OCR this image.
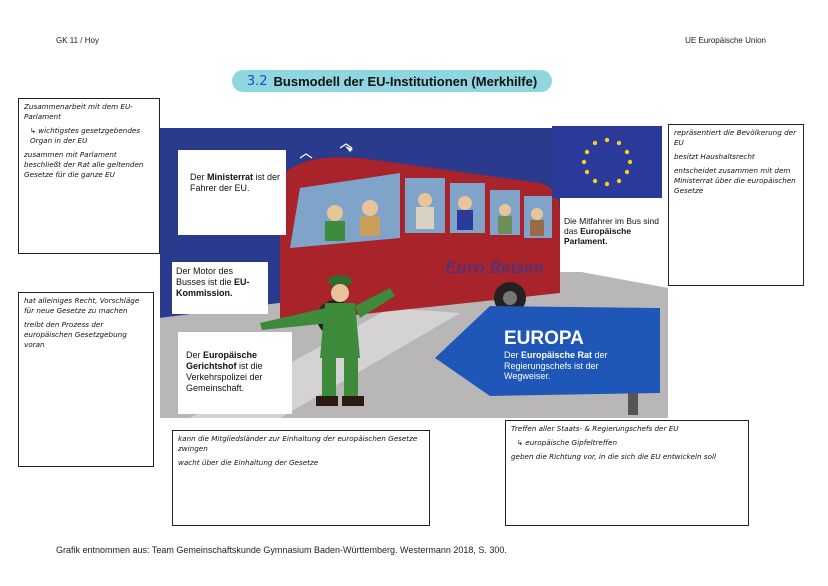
GK 11 / Hoy	UE Europäische Union
3.2 Busmodell der EU-Institutionen (Merkhilfe)
Euro Reisen
Der Ministerrat ist der Fahrer der EU.
Der Motor des Busses ist die EU-Kommission.
Der Europäische Gerichtshof ist die Verkehrspolizei der Gemeinschaft.
Die Mitfahrer im Bus sind das Europäische Parlament.
EUROPA
Der Europäische Rat der Regierungschefs ist der Wegweiser.

Zusammenarbeit mit dem EU-Parlament

↳ wichtigstes gesetzgebendes Organ in der EU

zusammen mit Parlament beschließt der Rat alle geltenden Gesetze für die ganze EU

hat alleiniges Recht, Vorschläge für neue Gesetze zu machen

treibt den Prozess der europäischen Gesetzgebung voran

kann die Mitgliedsländer zur Einhaltung der europäischen Gesetze zwingen

wacht über die Einhaltung der Gesetze

repräsentiert die Bevölkerung der EU

besitzt Haushaltsrecht

entscheidet zusammen mit dem Ministerrat über die europäischen Gesetze

Treffen aller Staats- & Regierungschefs der EU

↳ europäische Gipfeltreffen

geben die Richtung vor, in die sich die EU entwickeln soll

Grafik entnommen aus: Team Gemeinschaftskunde Gymnasium Baden-Württemberg. Westermann 2018, S. 300.
